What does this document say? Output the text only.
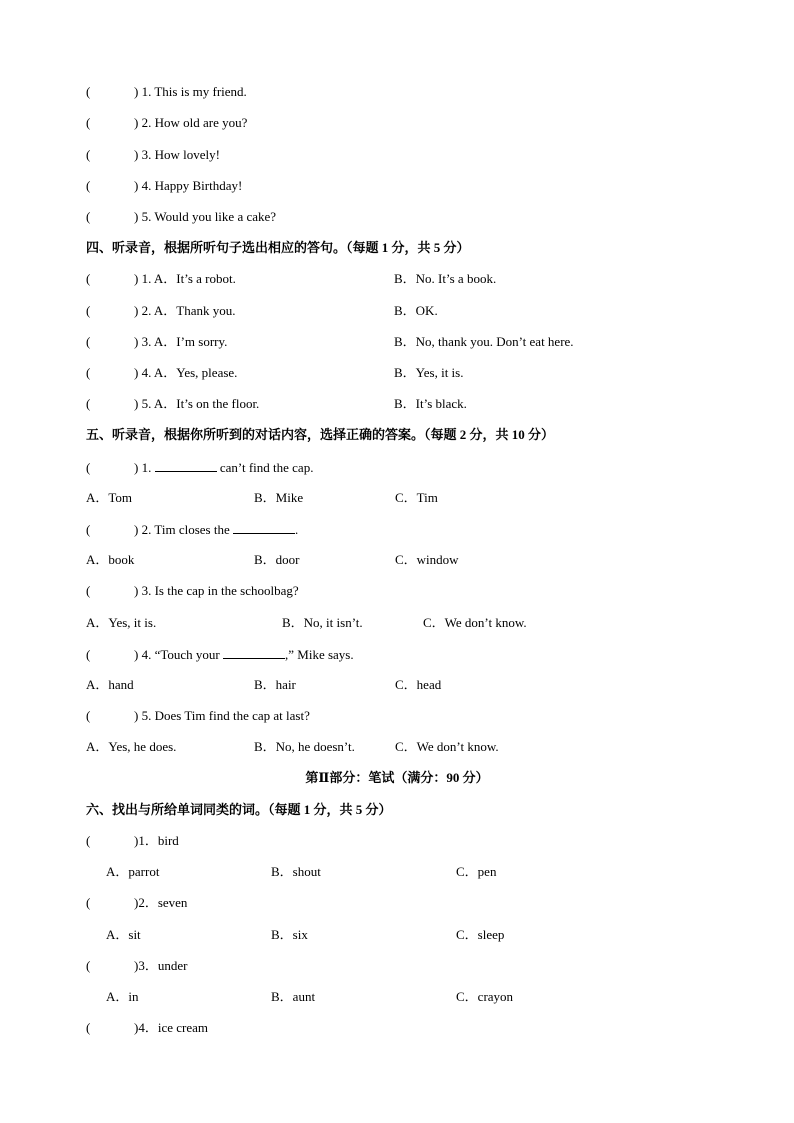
(	) 1. This is my friend.
(	) 2. How old are you?
(	) 3. How lovely!
(	) 4. Happy Birthday!
(	) 5. Would you like a cake?
四、听录音，根据所听句子选出相应的答句。（每题 1 分，共 5 分）
(	) 1. A．It’s a robot.	B．No. It’s a book.
(	) 2. A．Thank you.	B．OK.
(	) 3. A．I’m sorry.	B．No, thank you. Don’t eat here.
(	) 4. A．Yes, please.	B．Yes, it is.
(	) 5. A．It’s on the floor.	B．It’s black.
五、听录音，根据你所听到的对话内容，选择正确的答案。（每题 2 分，共 10 分）
(	) 1.	can’t find the cap.
A．Tom	B．Mike	C．Tim
(	) 2. Tim closes the	.
A．book	B．door	C．window
(	) 3. Is the cap in the schoolbag?
A．Yes, it is.	B．No, it isn’t.	C．We don’t know.
(	) 4. “Touch your	,” Mike says.
A．hand	B．hair	C．head
(	) 5. Does Tim find the cap at last?
A．Yes, he does.	B．No, he doesn’t.	C．We don’t know.
第Ⅱ部分：笔试（满分：90 分）
六、找出与所给单词同类的词。（每题 1 分，共 5 分）
(	)1．bird
A．parrot	B．shout	C．pen
(	)2．seven
A．sit	B．six	C．sleep
(	)3．under
A．in	B．aunt	C．crayon
(	)4．ice cream
